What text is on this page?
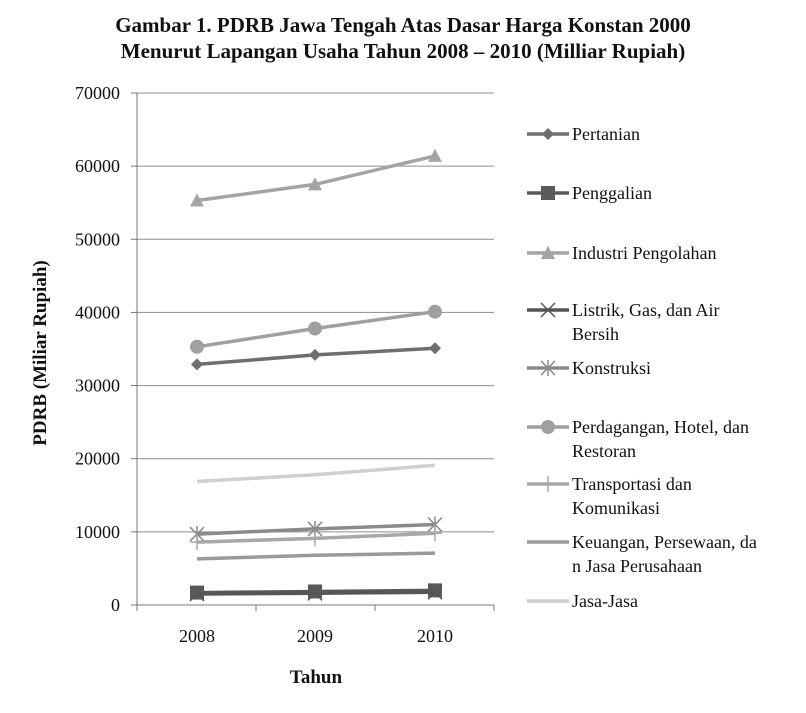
Gambar 1. PDRB Jawa Tengah Atas Dasar Harga Konstan 2000
Menurut Lapangan Usaha Tahun 2008 – 2010 (Milliar Rupiah)
0
10000
20000
30000
40000
50000
60000
70000
2008	2009	2010
PDRB (Miliar Rupiah)
Tahun
Pertanian
Penggalian
Industri Pengolahan
Listrik, Gas, dan Air
Bersih
Konstruksi
Perdagangan, Hotel, dan
Restoran
Transportasi dan
Komunikasi
Keuangan, Persewaan, da
n Jasa Perusahaan
Jasa-Jasa
